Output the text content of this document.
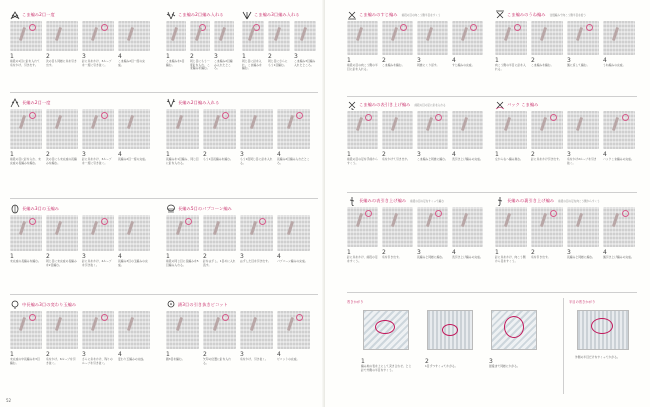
こま編み2目一度
1
前段の1目に針を入れて糸をかけ、引き出す。
2
次の目も同様に糸を引き出す。
3
針に糸をかけ、3ループを一度に引き抜く。
4
こま編み2目一度の完成。
こま編み2目編み入れる
1
こま編みを1目編む。
2
同じ目にもう一度針を入れ、こま編みを編む。
3
こま編み2目編み入れたところ。
こま編み3目編み入れる
1
同じ目に針を入れ、こま編みを編む。
2
同じ目にさらにもう1目編む。
3
こま編み3目編み入れたところ。
長編み2目一度
1
前段の目に針を入れ、未完成の長編みを編む。
2
次の目にも未完成の長編みを編む。
3
針に糸をかけ、3ループを一度に引き抜く。
4
長編み2目一度の完成。
長編み2目編み入れる
1
長編みを1目編み、同じ目に針を入れる。
2
もう1目長編みを編む。
3
もう1度同じ目に針を入れる。
4
長編み2目編み入れたところ。
長編み3目の玉編み
1
未完成の長編みを編む。
2
同じ目に未完成の長編みを2目編む。
3
針に糸をかけ、4ループを引き抜く。
4
長編み3目の玉編みの完成。
長編み5目のパプコーン編み
1
前段の同じ目に長編みを5目編み入れる。
2
針をはずし、1目めに入れ直す。
3
はずした目を引き出す。
4
パプコーン編みの完成。
中長編み3目の変わり玉編み
1
未完成の中長編みを3目編む。
2
糸をかけ、6ループを引き抜く。
3
さらに糸をかけ、残りのループを引き抜く。
4
変わり玉編みの完成。
鎖3目の引き抜きピコット
1
鎖3目を編む。
2
矢印の位置に針を入れる。
3
糸をかけ、引き抜く。
4
ピコットの完成。
52
こま編みのすじ編み 前段の目の向こう側半目をすくう
1
前段の目の向こう側の半目に針を入れる。
2
こま編みを編む。
3
同様にくり返す。
4
すじ編みの完成。
こま編みのうね編み 往復編みで向こう側半目を拾う
1
向こう側の半目に針を入れる。
2
こま編みを編む。
3
裏に返して編む。
4
うね編みの完成。
こま編みの表引き上げ編み 前段の目の足に針を入れる
1
前段の目の足を手前からすくう。
2
糸をかけて引き出す。
3
こま編みと同様に編む。
4
表引き上げ編みの完成。
バック こま編み
1
左から右へ編み進む。
2
針に糸をかけ引き出す。
3
糸をかけ2ループを引き抜く。
4
バックこま編みの完成。
長編みの表引き上げ編み 前段の目の足をすくって編む
1
針に糸をかけ、前段の足をすくう。
2
糸を引き出す。
3
長編みと同様に編む。
4
表引き上げ編みの完成。
長編みの裏引き上げ編み 前段の目の足を向こう側からすくう
1
針に糸をかけ、向こう側から足をすくう。
2
糸を引き出す。
3
長編みと同様に編む。
4
裏引き上げ編みの完成。
巻きかがり
1
編み地の表を上にして突き合わせ、とじ針で外側の半目をすくう。
2
1目ずつすくってかがる。
3
最後まで同様にかがる。
半目の巻きかがり
外側の半目だけをすくってかがる。
